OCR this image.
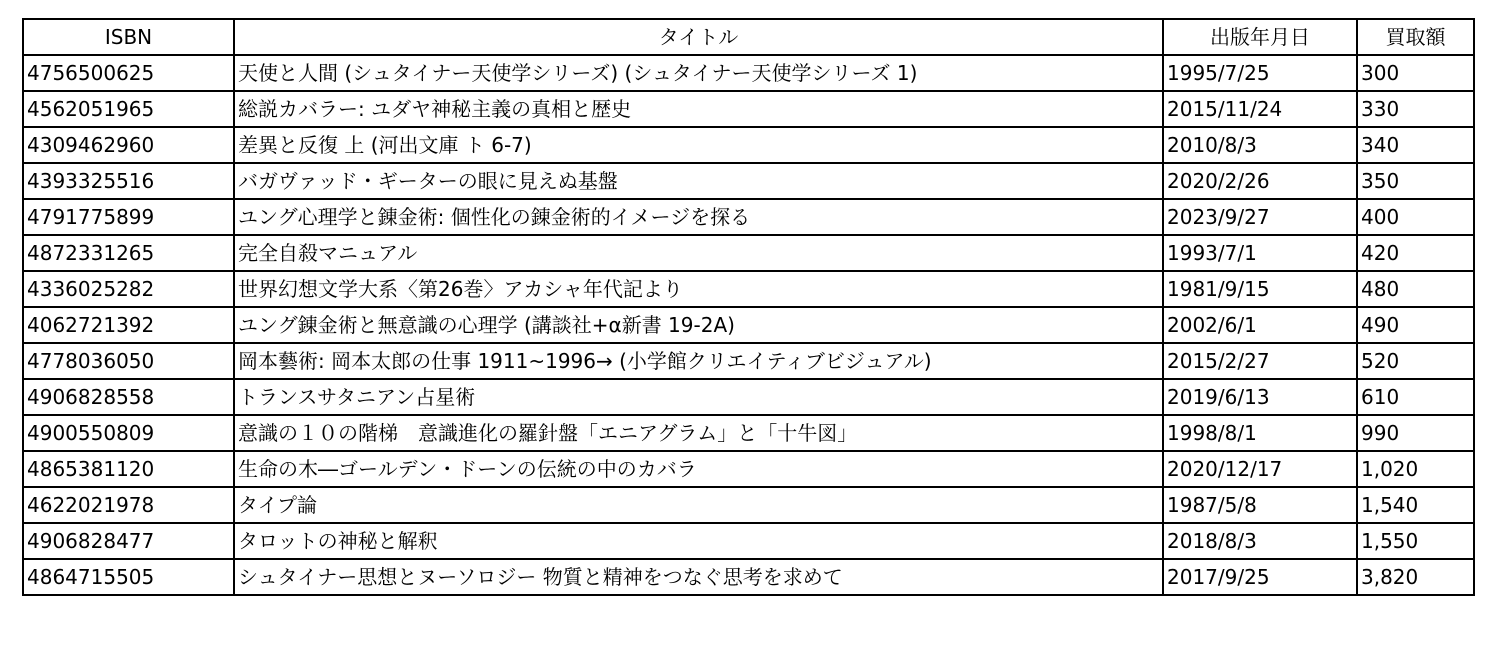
ISBN	タイトル	出版年月日	買取額
4756500625	天使と人間 (シュタイナー天使学シリーズ) (シュタイナー天使学シリーズ 1)	1995/7/25	300
4562051965	総説カバラー: ユダヤ神秘主義の真相と歴史	2015/11/24	330
4309462960	差異と反復 上 (河出文庫 ト 6-7)	2010/8/3	340
4393325516	バガヴァッド・ギーターの眼に見えぬ基盤	2020/2/26	350
4791775899	ユング心理学と錬金術: 個性化の錬金術的イメージを探る	2023/9/27	400
4872331265	完全自殺マニュアル	1993/7/1	420
4336025282	世界幻想文学大系〈第26巻〉アカシャ年代記より	1981/9/15	480
4062721392	ユング錬金術と無意識の心理学 (講談社+α新書 19-2A)	2002/6/1	490
4778036050	岡本藝術: 岡本太郎の仕事 1911~1996→ (小学館クリエイティブビジュアル)	2015/2/27	520
4906828558	トランスサタニアン占星術	2019/6/13	610
4900550809	意識の１０の階梯　意識進化の羅針盤「エニアグラム」と「十牛図」	1998/8/1	990
4865381120	生命の木―ゴールデン・ドーンの伝統の中のカバラ	2020/12/17	1,020
4622021978	タイプ論	1987/5/8	1,540
4906828477	タロットの神秘と解釈	2018/8/3	1,550
4864715505	シュタイナー思想とヌーソロジー 物質と精神をつなぐ思考を求めて	2017/9/25	3,820
